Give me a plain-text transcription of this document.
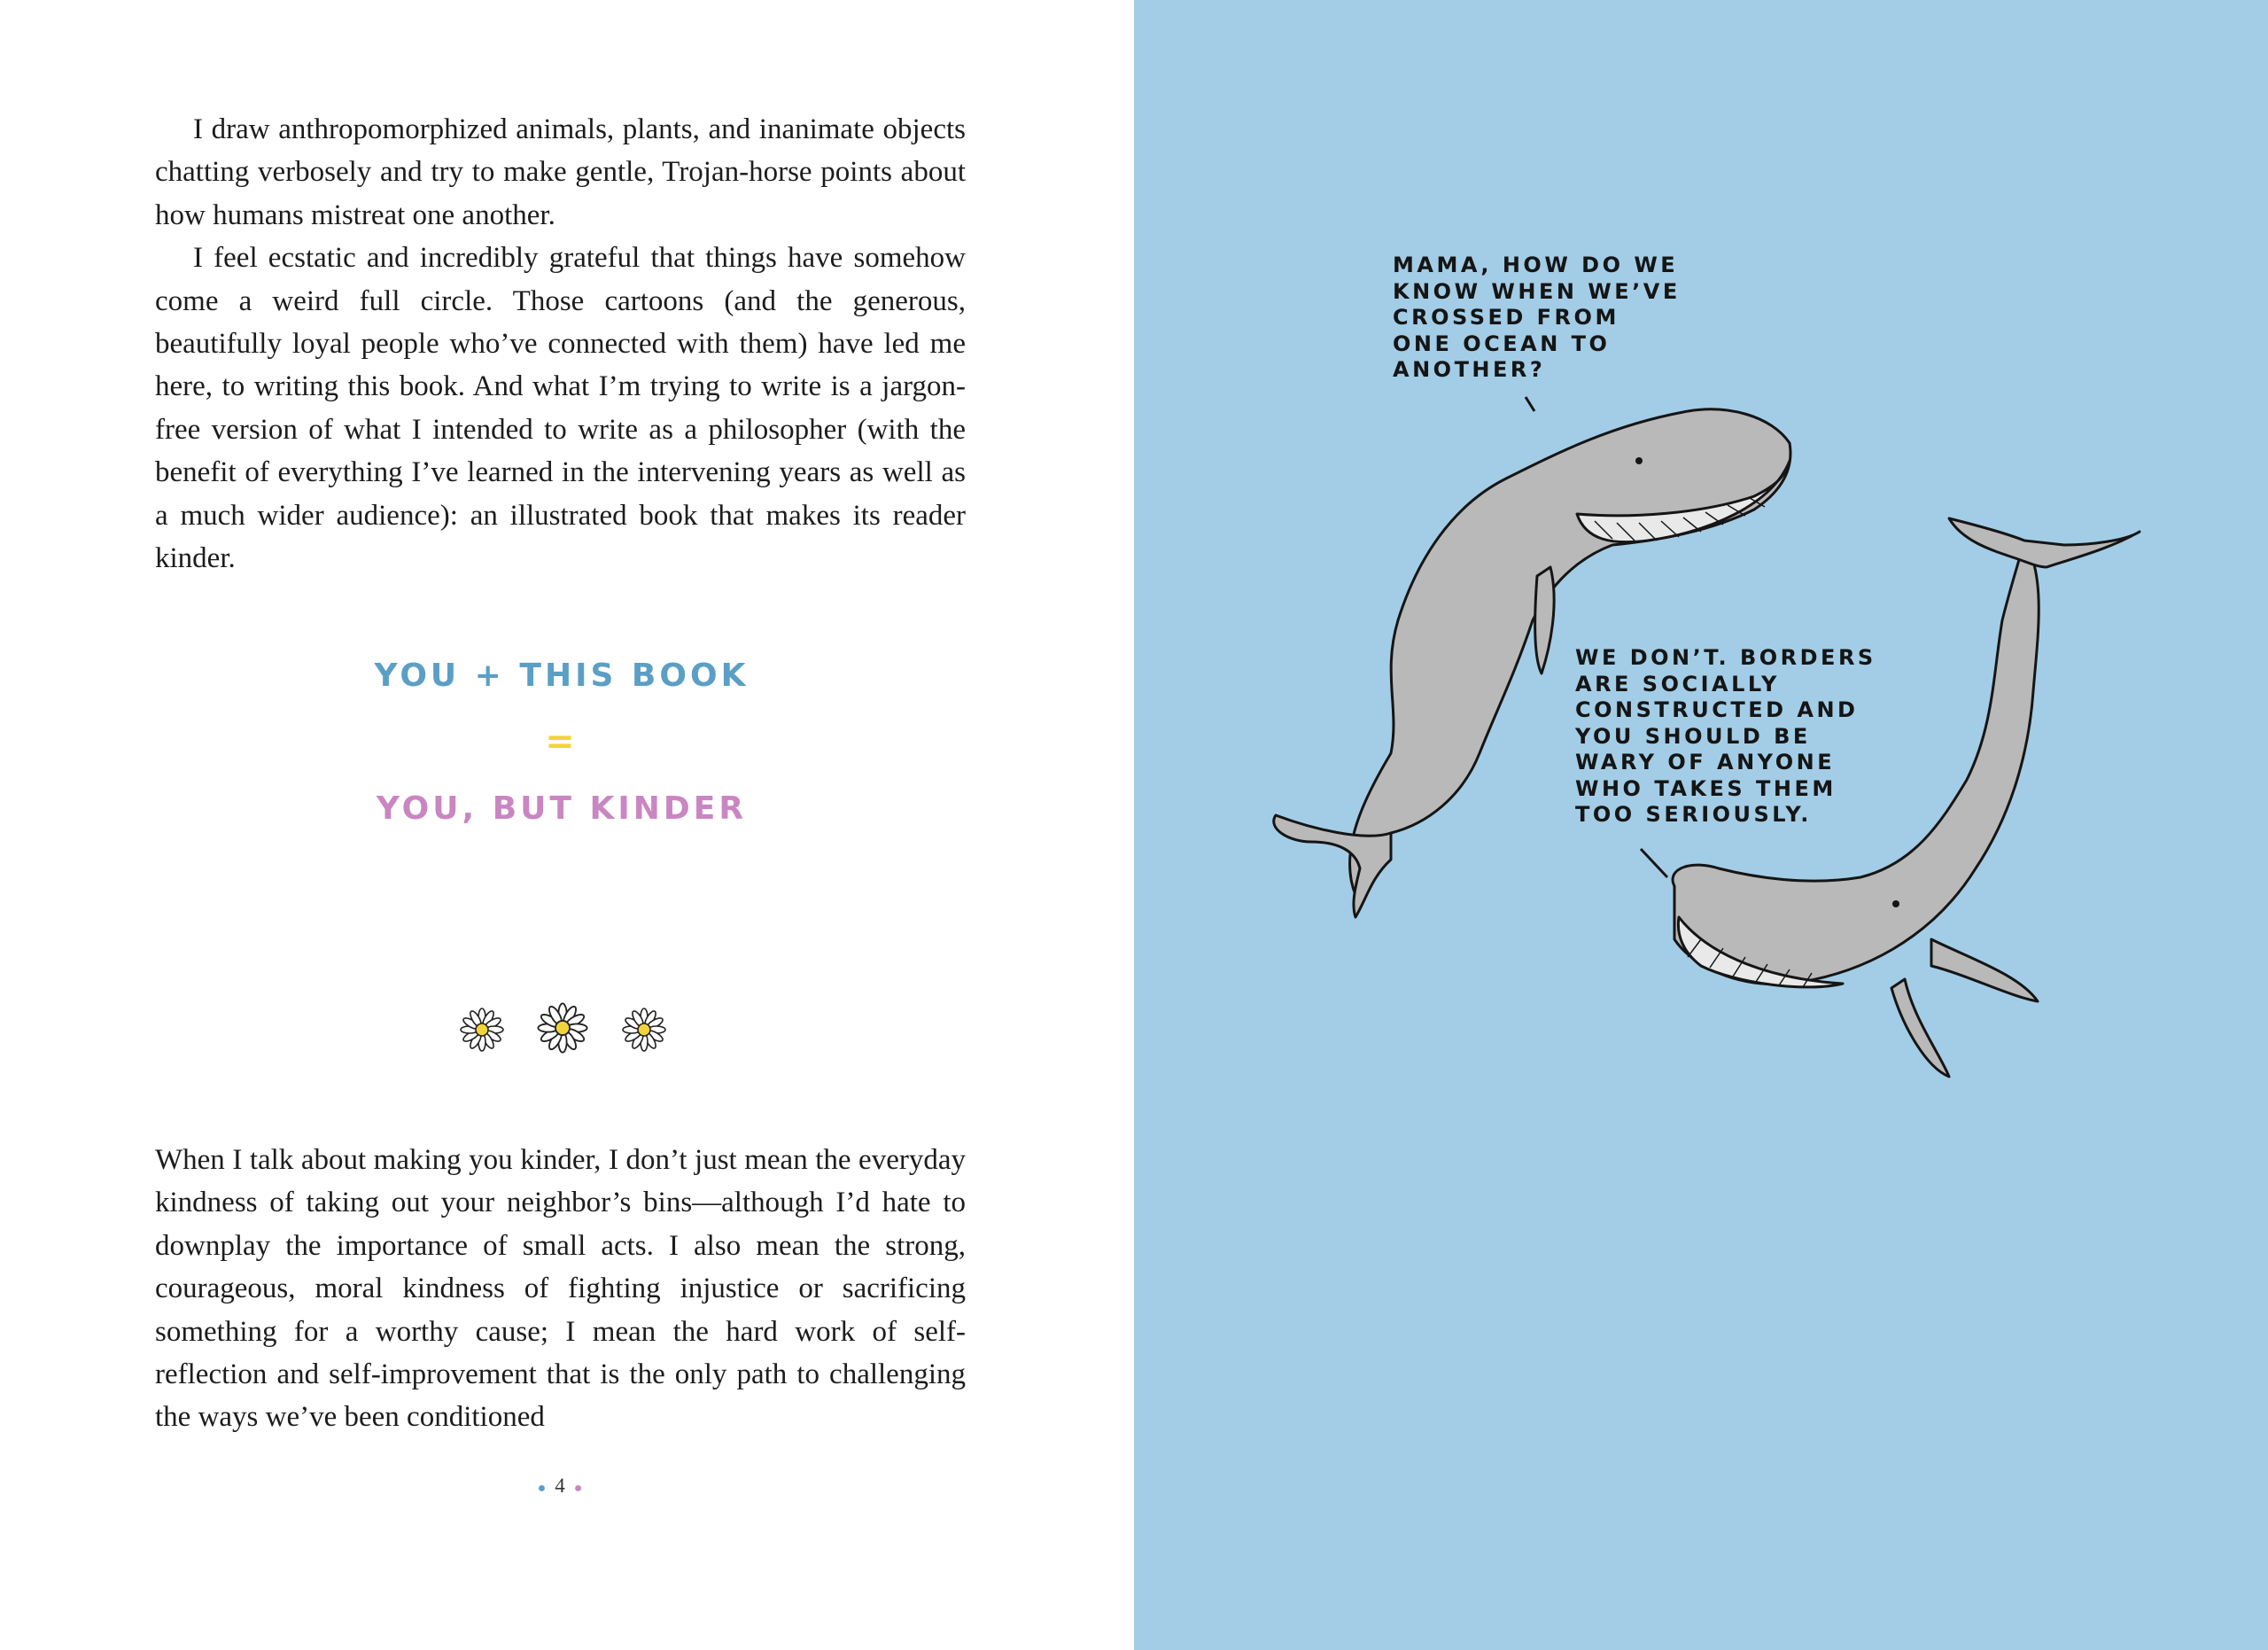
I draw anthropomorphized animals, plants, and inanimate objects chatting verbosely and try to make gentle, Trojan-horse points about how humans mistreat one another.

I feel ecstatic and incredibly grateful that things have somehow come a weird full circle. Those cartoons (and the generous, beautifully loyal people who’ve connected with them) have led me here, to writing this book. And what I’m trying to write is a jargon-free version of what I intended to write as a philosopher (with the benefit of everything I’ve learned in the intervening years as well as a much wider audience): an illustrated book that makes its reader kinder.

YOU + THIS BOOK
=
YOU, BUT KINDER

When I talk about making you kinder, I don’t just mean the everyday kindness of taking out your neighbor’s bins—although I’d hate to downplay the importance of small acts. I also mean the strong, courageous, moral kindness of fighting injustice or sacrificing something for a worthy cause; I mean the hard work of self-reflection and self-improvement that is the only path to challenging the ways we’ve been conditioned

● 4 ●
MAMA, HOW DO WE
KNOW WHEN WE’VE
CROSSED FROM
ONE OCEAN TO
ANOTHER?
WE DON’T. BORDERS
ARE SOCIALLY
CONSTRUCTED AND
YOU SHOULD BE
WARY OF ANYONE
WHO TAKES THEM
TOO SERIOUSLY.
